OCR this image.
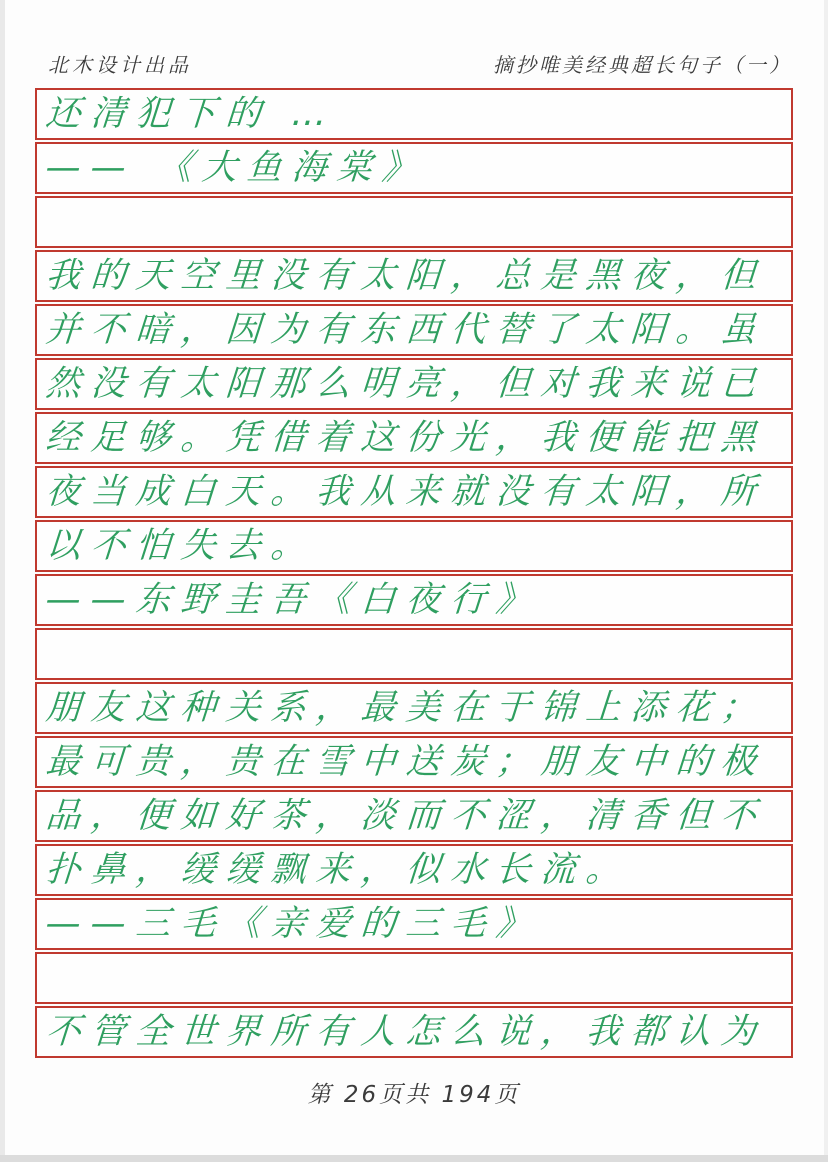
北木设计出品	摘抄唯美经典超长句子（一）
还清犯下的 …
—— 《大鱼海棠》
我的天空里没有太阳，总是黑夜，但
并不暗，因为有东西代替了太阳。虽
然没有太阳那么明亮，但对我来说已
经足够。凭借着这份光，我便能把黑
夜当成白天。我从来就没有太阳，所
以不怕失去。
——东野圭吾《白夜行》
朋友这种关系，最美在于锦上添花；
最可贵，贵在雪中送炭；朋友中的极
品，便如好茶，淡而不涩，清香但不
扑鼻，缓缓飘来，似水长流。
——三毛《亲爱的三毛》
不管全世界所有人怎么说，我都认为
第 26页共 194页
